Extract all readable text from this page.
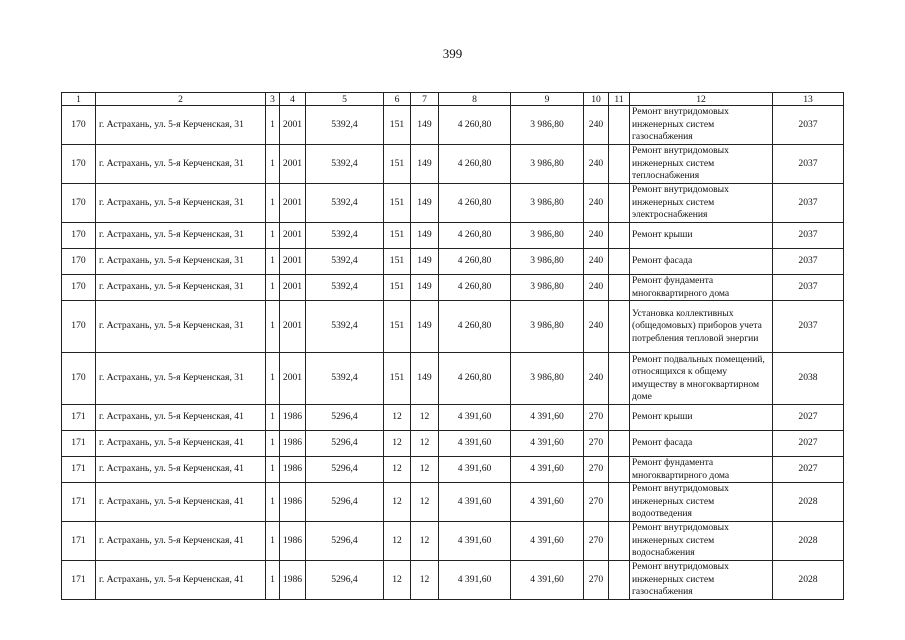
399
1	2	3	4	5	6	7	8	9	10	11	12	13
170	г. Астрахань, ул. 5-я Керченская, 31	1	2001	5392,4	151	149	4 260,80	3 986,80	240		Ремонт внутридомовых инженерных систем газоснабжения	2037
170	г. Астрахань, ул. 5-я Керченская, 31	1	2001	5392,4	151	149	4 260,80	3 986,80	240		Ремонт внутридомовых инженерных систем теплоснабжения	2037
170	г. Астрахань, ул. 5-я Керченская, 31	1	2001	5392,4	151	149	4 260,80	3 986,80	240		Ремонт внутридомовых инженерных систем электроснабжения	2037
170	г. Астрахань, ул. 5-я Керченская, 31	1	2001	5392,4	151	149	4 260,80	3 986,80	240		Ремонт крыши	2037
170	г. Астрахань, ул. 5-я Керченская, 31	1	2001	5392,4	151	149	4 260,80	3 986,80	240		Ремонт фасада	2037
170	г. Астрахань, ул. 5-я Керченская, 31	1	2001	5392,4	151	149	4 260,80	3 986,80	240		Ремонт фундамента многоквартирного дома	2037
170	г. Астрахань, ул. 5-я Керченская, 31	1	2001	5392,4	151	149	4 260,80	3 986,80	240		Установка коллективных (общедомовых) приборов учета потребления тепловой энергии	2037
170	г. Астрахань, ул. 5-я Керченская, 31	1	2001	5392,4	151	149	4 260,80	3 986,80	240		Ремонт подвальных помещений, относящихся к общему имуществу в многоквартирном доме	2038
171	г. Астрахань, ул. 5-я Керченская, 41	1	1986	5296,4	12	12	4 391,60	4 391,60	270		Ремонт крыши	2027
171	г. Астрахань, ул. 5-я Керченская, 41	1	1986	5296,4	12	12	4 391,60	4 391,60	270		Ремонт фасада	2027
171	г. Астрахань, ул. 5-я Керченская, 41	1	1986	5296,4	12	12	4 391,60	4 391,60	270		Ремонт фундамента многоквартирного дома	2027
171	г. Астрахань, ул. 5-я Керченская, 41	1	1986	5296,4	12	12	4 391,60	4 391,60	270		Ремонт внутридомовых инженерных систем водоотведения	2028
171	г. Астрахань, ул. 5-я Керченская, 41	1	1986	5296,4	12	12	4 391,60	4 391,60	270		Ремонт внутридомовых инженерных систем водоснабжения	2028
171	г. Астрахань, ул. 5-я Керченская, 41	1	1986	5296,4	12	12	4 391,60	4 391,60	270		Ремонт внутридомовых инженерных систем газоснабжения	2028
